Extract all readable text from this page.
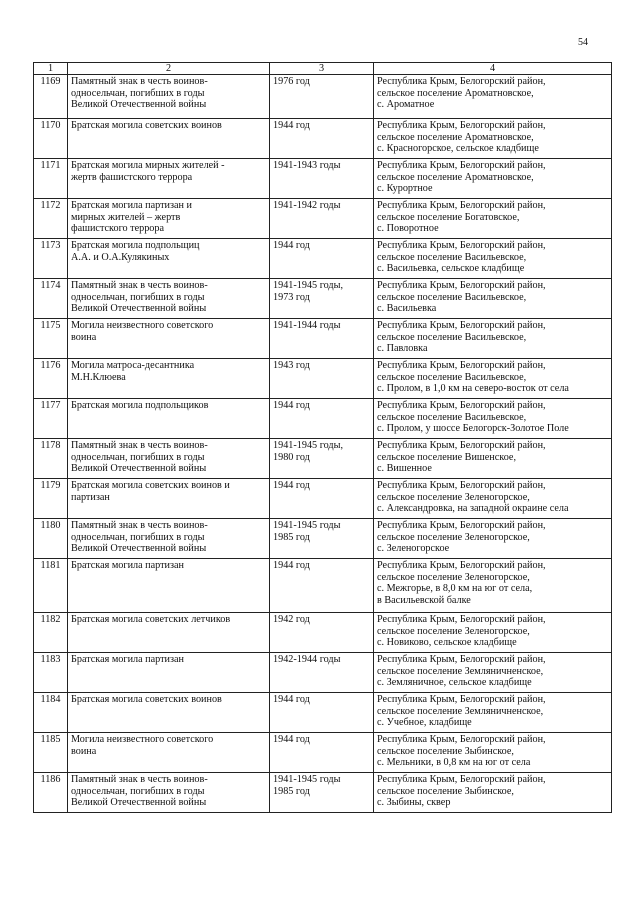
54
1	2	3	4

1169	Памятный знак в честь воинов-
односельчан, погибших в годы
Великой Отечественной войны	1976 год	Республика Крым, Белогорский район,
сельское поселение Ароматновское,
с. Ароматное

1170	Братская могила советских воинов	1944 год	Республика Крым, Белогорский район,
сельское поселение Ароматновское,
с. Красногорское, сельское кладбище

1171	Братская могила мирных жителей -
жертв фашистского террора	1941-1943 годы	Республика Крым, Белогорский район,
сельское поселение Ароматновское,
с. Курортное

1172	Братская могила партизан и
мирных жителей – жертв
фашистского террора	1941-1942 годы	Республика Крым, Белогорский район,
сельское поселение Богатовское,
с. Поворотное

1173	Братская могила подпольщиц
А.А. и О.А.Кулякиных	1944 год	Республика Крым, Белогорский район,
сельское поселение Васильевское,
с. Васильевка, сельское кладбище

1174	Памятный знак в честь воинов-
односельчан, погибших в годы
Великой Отечественной войны	1941-1945 годы,
1973 год	Республика Крым, Белогорский район,
сельское поселение Васильевское,
с. Васильевка

1175	Могила неизвестного советского
воина	1941-1944 годы	Республика Крым, Белогорский район,
сельское поселение Васильевское,
с. Павловка

1176	Могила матроса-десантника
М.Н.Клюева	1943 год	Республика Крым, Белогорский район,
сельское поселение Васильевское,
с. Пролом, в 1,0 км на северо-восток от села

1177	Братская могила подпольщиков	1944 год	Республика Крым, Белогорский район,
сельское поселение Васильевское,
с. Пролом, у шоссе Белогорск-Золотое Поле

1178	Памятный знак в честь воинов-
односельчан, погибших в годы
Великой Отечественной войны	1941-1945 годы,
1980 год	Республика Крым, Белогорский район,
сельское поселение Вишенское,
с. Вишенное

1179	Братская могила советских воинов и
партизан	1944 год	Республика Крым, Белогорский район,
сельское поселение Зеленогорское,
с. Александровка, на западной окраине села

1180	Памятный знак в честь воинов-
односельчан, погибших в годы
Великой Отечественной войны	1941-1945 годы
1985 год	Республика Крым, Белогорский район,
сельское поселение Зеленогорское,
с. Зеленогорское

1181	Братская могила партизан	1944 год	Республика Крым, Белогорский район,
сельское поселение Зеленогорское,
с. Межгорье, в 8,0 км на юг от села,
в Васильевской балке

1182	Братская могила советских летчиков	1942 год	Республика Крым, Белогорский район,
сельское поселение Зеленогорское,
с. Новиково, сельское кладбище

1183	Братская могила партизан	1942-1944 годы	Республика Крым, Белогорский район,
сельское поселение Земляничненское,
с. Земляничное, сельское кладбище

1184	Братская могила советских воинов	1944 год	Республика Крым, Белогорский район,
сельское поселение Земляничненское,
с. Учебное, кладбище

1185	Могила неизвестного советского
воина	1944 год	Республика Крым, Белогорский район,
сельское поселение Зыбинское,
с. Мельники, в 0,8 км на юг от села

1186	Памятный знак в честь воинов-
односельчан, погибших в годы
Великой Отечественной войны	1941-1945 годы
1985 год	Республика Крым, Белогорский район,
сельское поселение Зыбинское,
с. Зыбины, сквер
